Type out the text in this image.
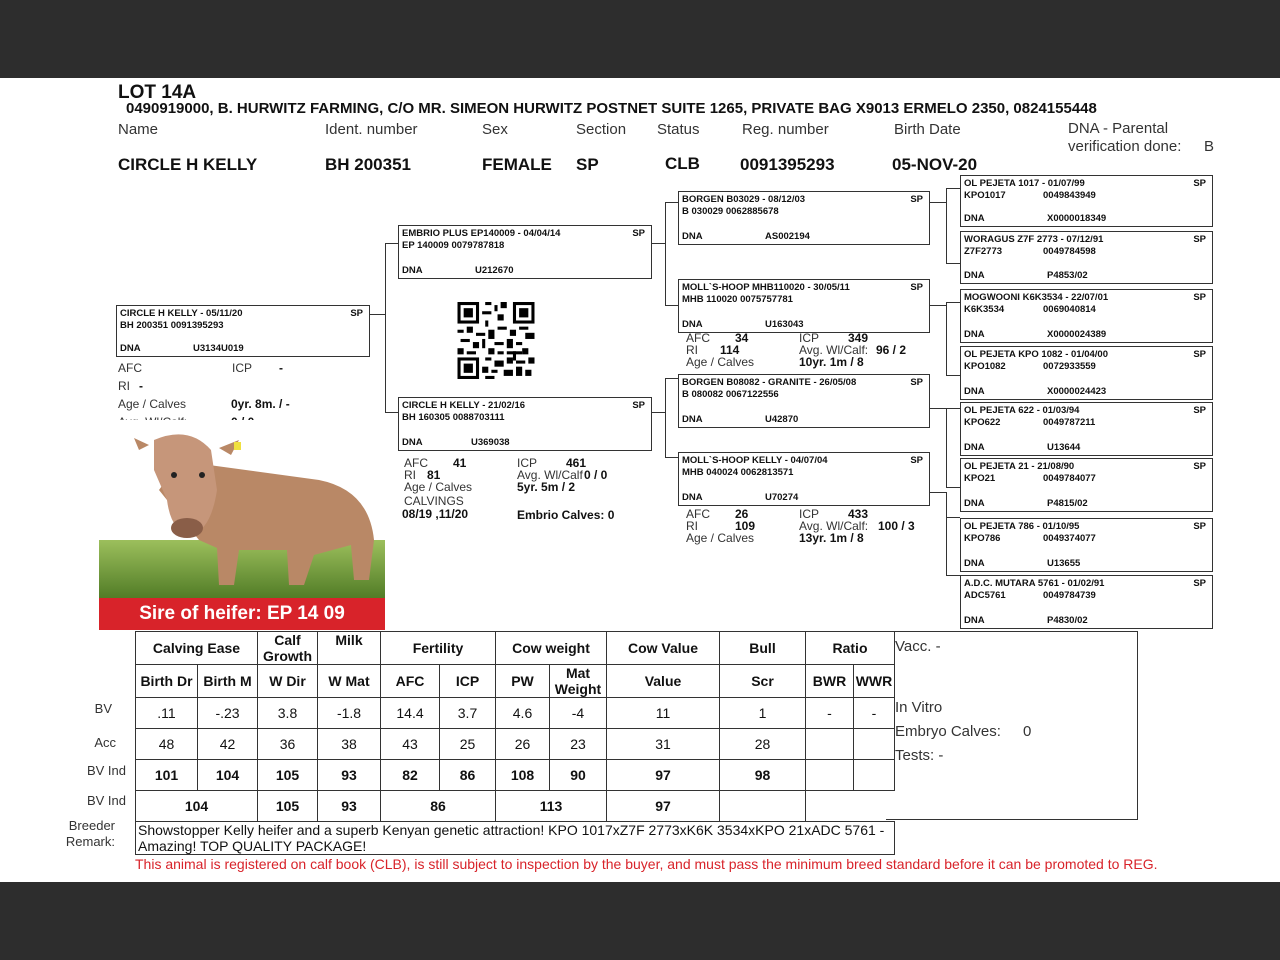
LOT 14A
0490919000, B. HURWITZ FARMING, C/O MR. SIMEON HURWITZ POSTNET SUITE 1265, PRIVATE BAG X9013 ERMELO 2350, 0824155448
Name	Ident. number	Sex	Section Status	Reg. number	Birth Date	DNA - Parental
verification done: B
CIRCLE H KELLY	BH 200351	FEMALE SP	CLB 0091395293	05-NOV-20
CIRCLE H KELLY - 05/11/20	SP
BH 200351 0091395293
DNA	U3134U019
AFC	ICP -
RI -
Age / Calves	0yr. 8m. / -
EMBRIO PLUS EP140009 - 04/04/14	SP
EP 140009 0079787818
DNA	U212670
CIRCLE H KELLY - 21/02/16	SP
BH 160305 0088703111
DNA	U369038
AFC 41	ICP 461
RI 81	Avg. Wl/Calf 0 / 0
Age / Calves	5yr. 5m / 2
CALVINGS
08/19 ,11/20	Embrio Calves: 0
BORGEN B03029 - 08/12/03	SP
B 030029 0062885678
DNA	AS002194
MOLL`S-HOOP MHB110020 - 30/05/11	SP
MHB 110020 0075757781
DNA	U163043
AFC 34	ICP 349
RI 114	Avg. Wl/Calf: 96 / 2
Age / Calves	10yr. 1m / 8
BORGEN B08082 - GRANITE - 26/05/08	SP
B 080082 0067122556
DNA	U42870
MOLL`S-HOOP KELLY - 04/07/04	SP
MHB 040024 0062813571
DNA	U70274
AFC 26	ICP 433
RI	109	Avg. Wl/Calf: 100 / 3
Age / Calves	13yr. 1m / 8
OL PEJETA 1017 - 01/07/99	SP
KPO1017	0049843949
DNA	X0000018349
WORAGUS Z7F 2773 - 07/12/91	SP
Z7F2773	0049784598
DNA	P4853/02
MOGWOONI K6K3534 - 22/07/01	SP
K6K3534	0069040814
DNA	X0000024389
OL PEJETA KPO 1082 - 01/04/00	SP
KPO1082	0072933559
DNA	X0000024423
OL PEJETA 622 - 01/03/94	SP
KPO622	0049787211
DNA	U13644
OL PEJETA 21 - 21/08/90	SP
KPO21	0049784077
DNA	P4815/02
OL PEJETA 786 - 01/10/95	SP
KPO786	0049374077
DNA	U13655
A.D.C. MUTARA 5761 - 01/02/91	SP
ADC5761	0049784739
DNA	P4830/02
Sire of heifer: EP 14 09
BV
Acc
BV Ind
BV Ind
Breeder
Remark:
Calving Ease		Calf Growth	Milk	Fertility		Cow weight		Cow Value	Bull	Ratio	
Birth Dr	Birth M	W Dir	W Mat	AFC	ICP	PW	Mat Weight	Value	Scr	BWR	WWR
.11	-.23	3.8	-1.8	14.4	3.7	4.6	-4	11	1	-	-
48	42	36	38	43	25	26	23	31	28		
101	104	105	93	82	86	108	90	97	98		
104		105	93	86		113		97			
Showstopper Kelly heifer and a superb Kenyan genetic attraction! KPO 1017xZ7F 2773xK6K 3534xKPO 21xADC 5761 - Amazing! TOP QUALITY PACKAGE!											
Vacc. -
In Vitro
Embryo Calves: 0
Tests: -
This animal is registered on calf book (CLB), is still subject to inspection by the buyer, and must pass the minimum breed standard before it can be promoted to REG.
